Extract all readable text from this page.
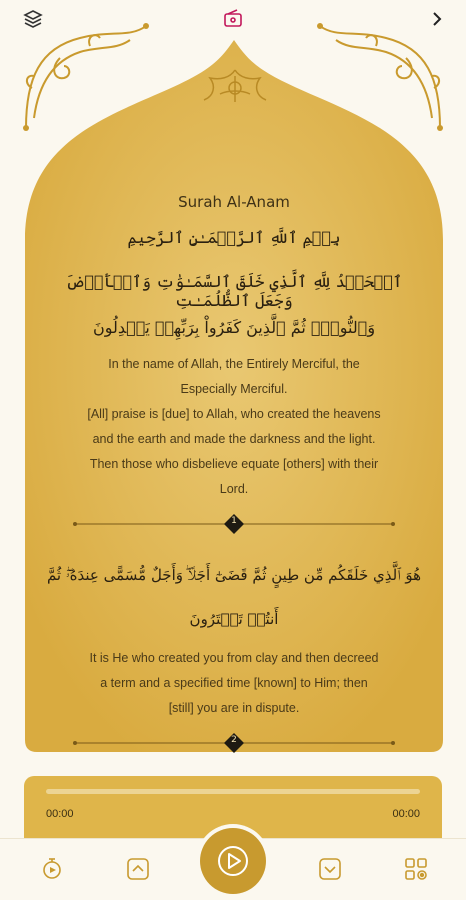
Surah Al-Anam
بِسۡمِ ٱللَّهِ ٱلرَّحۡمَـٰنِ ٱلرَّحِيمِ
ٱلۡحَمۡدُ لِلَّهِ ٱلَّذِي خَلَقَ ٱلسَّمَـٰوَٰتِ وَٱلۡأَرۡضَ وَجَعَلَ ٱلظُّلُمَـٰتِ
وَٱلنُّورَۖ ثُمَّ ٱلَّذِينَ كَفَرُواْ بِرَبِّهِمۡ يَعۡدِلُونَ
In the name of Allah, the Entirely Merciful, the
Especially Merciful.
[All] praise is [due] to Allah, who created the heavens
and the earth and made the darkness and the light.
Then those who disbelieve equate [others] with their
Lord.
1
هُوَ ٱلَّذِي خَلَقَكُم مِّن طِينٍ ثُمَّ قَضَىٰٓ أَجَلًاۖ وَأَجَلٌ مُّسَمًّى عِندَهُۥۖ ثُمَّ
أَنتُمۡ تَمۡتَرُونَ
It is He who created you from clay and then decreed
a term and a specified time [known] to Him; then
[still] you are in dispute.
2
00:00	00:00
